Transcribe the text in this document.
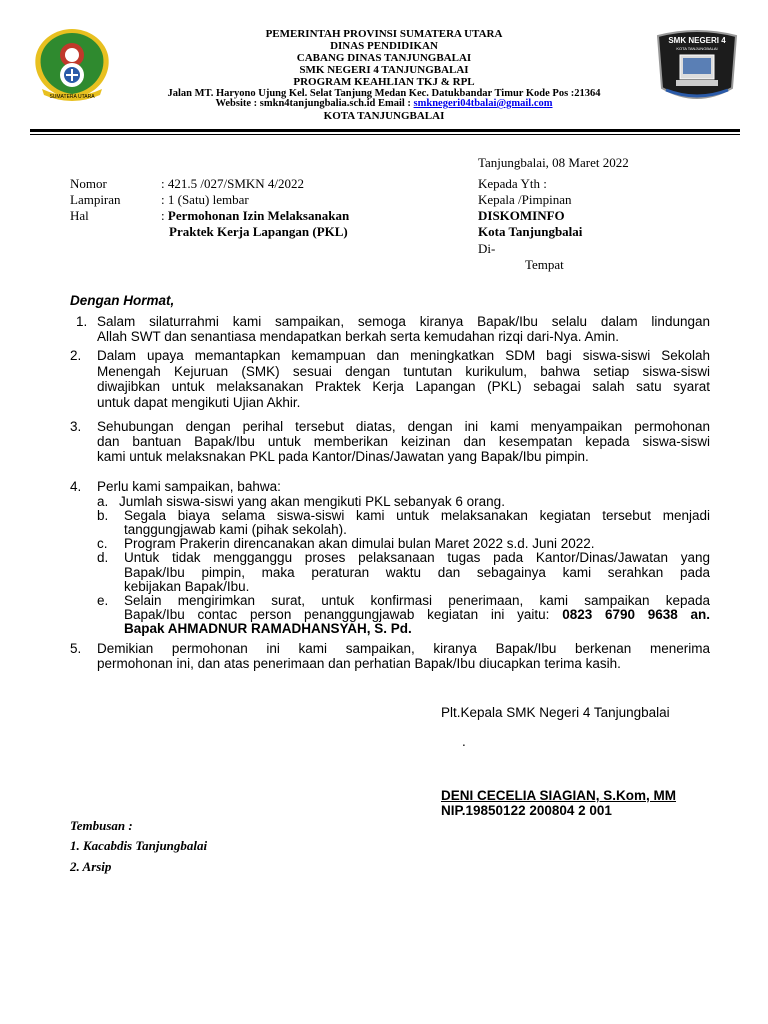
SUMATERA UTARA
SMK NEGERI 4
KOTA TANJUNGBALAI
PEMERINTAH PROVINSI SUMATERA UTARA
DINAS PENDIDIKAN
CABANG DINAS TANJUNGBALAI
SMK NEGERI 4 TANJUNGBALAI
PROGRAM KEAHLIAN TKJ & RPL
Jalan MT. Haryono Ujung Kel. Selat Tanjung Medan Kec. Datukbandar Timur Kode Pos :21364
Website : smkn4tanjungbalia.sch.id Email : smknegeri04tbalai@gmail.com
KOTA TANJUNGBALAI
Tanjungbalai, 08 Maret 2022
Nomor	: 421.5 /027/SMKN 4/2022
Lampiran	: 1 (Satu) lembar
Hal	: Permohonan Izin Melaksanakan
Praktek Kerja Lapangan (PKL)
Kepada Yth :
Kepala /Pimpinan
DISKOMINFO
Kota Tanjungbalai
Di-
Tempat
Dengan Hormat,
1. Salam silaturrahmi kami sampaikan, semoga kiranya Bapak/Ibu selalu dalam lindungan
Allah SWT dan senantiasa mendapatkan berkah serta kemudahan rizqi dari-Nya. Amin.
2. Dalam upaya memantapkan kemampuan dan meningkatkan SDM bagi siswa-siswi Sekolah
Menengah Kejuruan (SMK) sesuai dengan tuntutan kurikulum, bahwa setiap siswa-siswi
diwajibkan untuk melaksanakan Praktek Kerja Lapangan (PKL) sebagai salah satu syarat
untuk dapat mengikuti Ujian Akhir.
3. Sehubungan dengan perihal tersebut diatas, dengan ini kami menyampaikan permohonan
dan bantuan Bapak/Ibu untuk memberikan keizinan dan kesempatan kepada siswa-siswi
kami untuk melaksnakan PKL pada Kantor/Dinas/Jawatan yang Bapak/Ibu pimpin.
4. Perlu kami sampaikan, bahwa:
a. Jumlah siswa-siswi yang akan mengikuti PKL sebanyak 6 orang.
b. Segala biaya selama siswa-siswi kami untuk melaksanakan kegiatan tersebut menjadi
tanggungjawab kami (pihak sekolah).
c. Program Prakerin direncanakan akan dimulai bulan Maret 2022 s.d. Juni 2022.
d. Untuk tidak mengganggu proses pelaksanaan tugas pada Kantor/Dinas/Jawatan yang
Bapak/Ibu pimpin, maka peraturan waktu dan sebagainya kami serahkan pada
kebijakan Bapak/Ibu.
e. Selain mengirimkan surat, untuk konfirmasi penerimaan, kami sampaikan kepada
Bapak/Ibu contac person penanggungjawab kegiatan ini yaitu: 0823 6790 9638 an.
Bapak AHMADNUR RAMADHANSYAH, S. Pd.
5. Demikian permohonan ini kami sampaikan, kiranya Bapak/Ibu berkenan menerima
permohonan ini, dan atas penerimaan dan perhatian Bapak/Ibu diucapkan terima kasih.
Plt.Kepala SMK Negeri 4 Tanjungbalai
.
DENI CECELIA SIAGIAN, S.Kom, MM
NIP.19850122 200804 2 001
Tembusan :
1. Kacabdis Tanjungbalai
2. Arsip
